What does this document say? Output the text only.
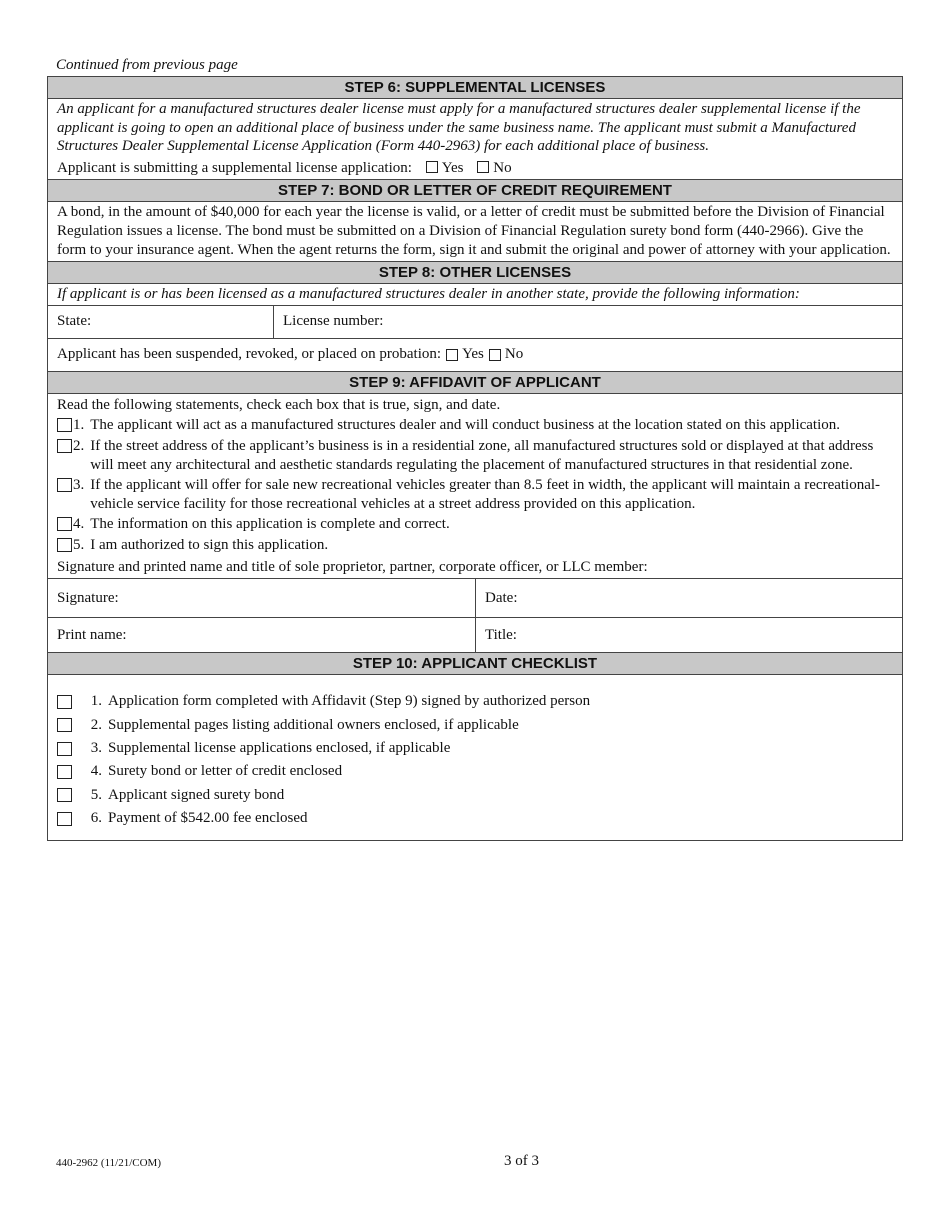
Continued from previous page
STEP 6: SUPPLEMENTAL LICENSES
An applicant for a manufactured structures dealer license must apply for a manufactured structures dealer supplemental license if the applicant is going to open an additional place of business under the same business name. The applicant must submit a Manufactured Structures Dealer Supplemental License Application (Form 440-2963) for each additional place of business.
Applicant is submitting a supplemental license application: Yes No
STEP 7: BOND OR LETTER OF CREDIT REQUIREMENT
A bond, in the amount of $40,000 for each year the license is valid, or a letter of credit must be submitted before the Division of Financial Regulation issues a license. The bond must be submitted on a Division of Financial Regulation surety bond form (440-2966). Give the form to your insurance agent. When the agent returns the form, sign it and submit the original and power of attorney with your application.
STEP 8: OTHER LICENSES
If applicant is or has been licensed as a manufactured structures dealer in another state, provide the following information:
State:	License number:
Applicant has been suspended, revoked, or placed on probation: Yes No
STEP 9: AFFIDAVIT OF APPLICANT
Read the following statements, check each box that is true, sign, and date.
1. The applicant will act as a manufactured structures dealer and will conduct business at the location stated on this application.
2. If the street address of the applicant’s business is in a residential zone, all manufactured structures sold or displayed at that address will meet any architectural and aesthetic standards regulating the placement of manufactured structures in that residential zone.
3. If the applicant will offer for sale new recreational vehicles greater than 8.5 feet in width, the applicant will maintain a recreational-vehicle service facility for those recreational vehicles at a street address provided on this application.
4. The information on this application is complete and correct.
5. I am authorized to sign this application.
Signature and printed name and title of sole proprietor, partner, corporate officer, or LLC member:
Signature:	Date:
Print name:	Title:
STEP 10: APPLICANT CHECKLIST
1. Application form completed with Affidavit (Step 9) signed by authorized person
2. Supplemental pages listing additional owners enclosed, if applicable
3. Supplemental license applications enclosed, if applicable
4. Surety bond or letter of credit enclosed
5. Applicant signed surety bond
6. Payment of $542.00 fee enclosed
440-2962 (11/21/COM)	3 of 3
